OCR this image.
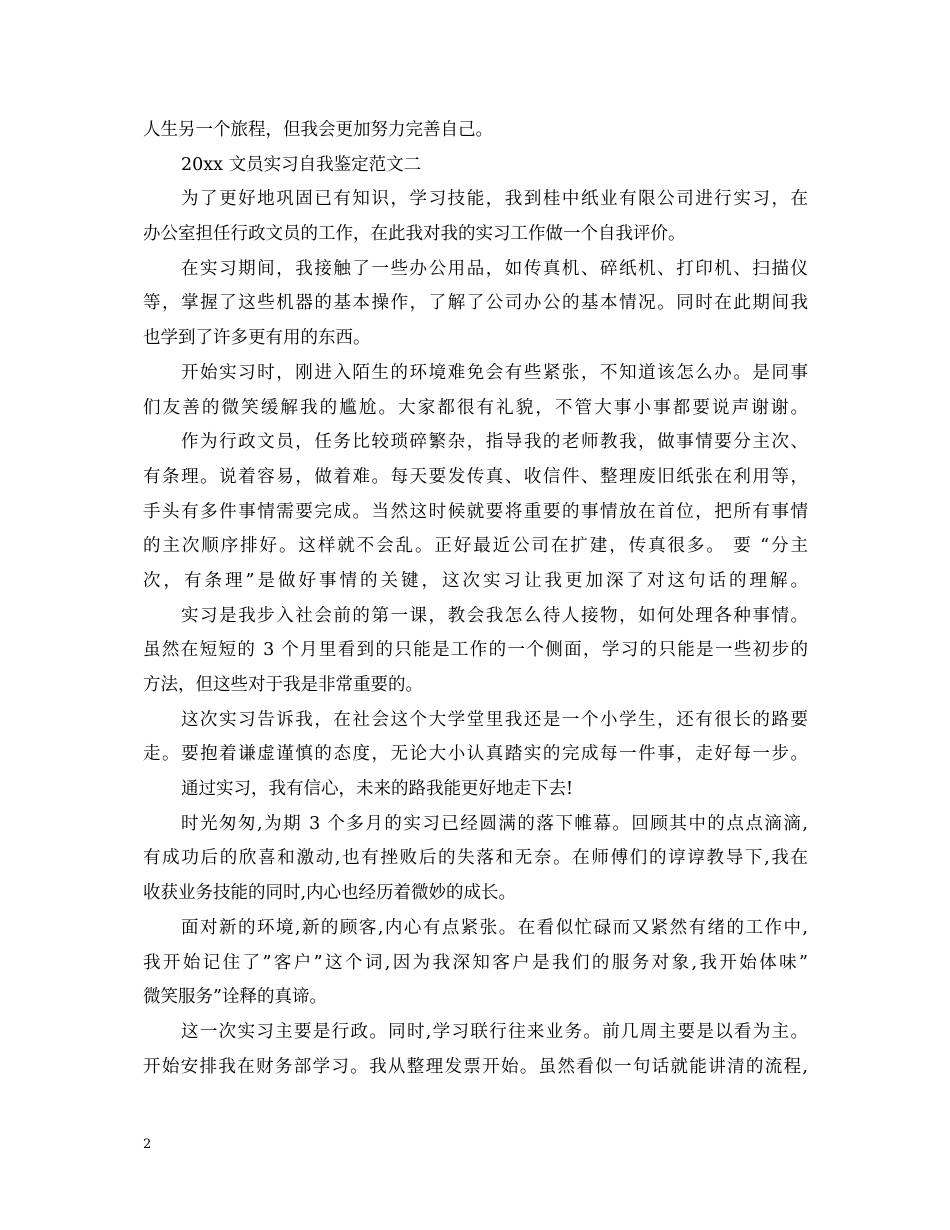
人生另一个旅程，但我会更加努力完善自己。
20xx 文员实习自我鉴定范文二
为了更好地巩固已有知识，学习技能，我到桂中纸业有限公司进行实习，在
办公室担任行政文员的工作，在此我对我的实习工作做一个自我评价。
在实习期间，我接触了一些办公用品，如传真机、碎纸机、打印机、扫描仪
等，掌握了这些机器的基本操作，了解了公司办公的基本情况。同时在此期间我
也学到了许多更有用的东西。
开始实习时，刚进入陌生的环境难免会有些紧张，不知道该怎么办。是同事
们友善的微笑缓解我的尴尬。大家都很有礼貌，不管大事小事都要说声谢谢。
作为行政文员，任务比较琐碎繁杂，指导我的老师教我，做事情要分主次、
有条理。说着容易，做着难。每天要发传真、收信件、整理废旧纸张在利用等，
手头有多件事情需要完成。当然这时候就要将重要的事情放在首位，把所有事情
的主次顺序排好。这样就不会乱。正好最近公司在扩建，传真很多。 要 “分主
次，有条理”是做好事情的关键，这次实习让我更加深了对这句话的理解。
实习是我步入社会前的第一课，教会我怎么待人接物，如何处理各种事情。
虽然在短短的 3 个月里看到的只能是工作的一个侧面，学习的只能是一些初步的
方法，但这些对于我是非常重要的。
这次实习告诉我，在社会这个大学堂里我还是一个小学生，还有很长的路要
走。要抱着谦虚谨慎的态度，无论大小认真踏实的完成每一件事，走好每一步。
通过实习，我有信心，未来的路我能更好地走下去!
时光匆匆,为期 3 个多月的实习已经圆满的落下帷幕。回顾其中的点点滴滴,
有成功后的欣喜和激动,也有挫败后的失落和无奈。在师傅们的谆谆教导下,我在
收获业务技能的同时,内心也经历着微妙的成长。
面对新的环境,新的顾客,内心有点紧张。在看似忙碌而又紧然有绪的工作中,
我开始记住了”客户”这个词,因为我深知客户是我们的服务对象,我开始体味”
微笑服务”诠释的真谛。
这一次实习主要是行政。同时,学习联行往来业务。前几周主要是以看为主。
开始安排我在财务部学习。我从整理发票开始。虽然看似一句话就能讲清的流程,
2
